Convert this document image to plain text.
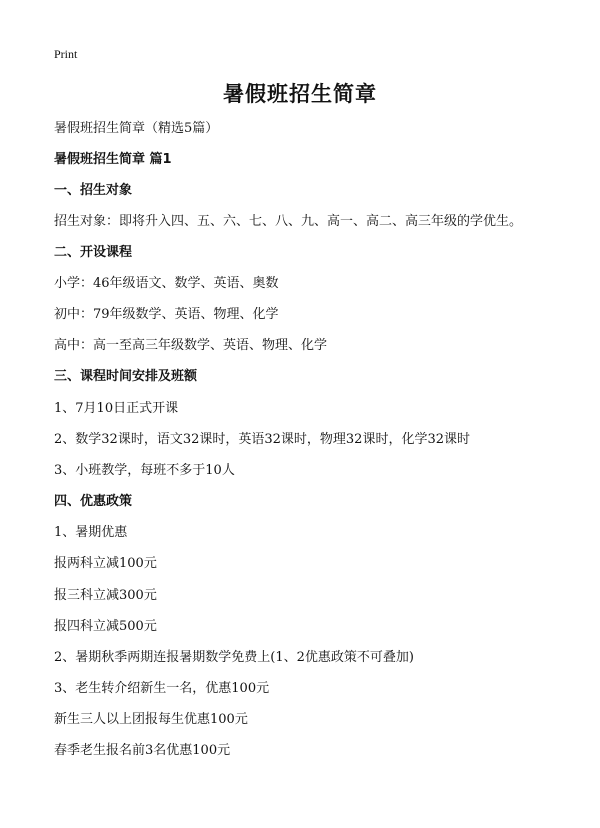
Print
暑假班招生简章
暑假班招生简章（精选5篇）
暑假班招生简章 篇1
一、招生对象
招生对象：即将升入四、五、六、七、八、九、高一、高二、高三年级的学优生。
二、开设课程
小学：46年级语文、数学、英语、奥数
初中：79年级数学、英语、物理、化学
高中：高一至高三年级数学、英语、物理、化学
三、课程时间安排及班额
1、7月10日正式开课
2、数学32课时，语文32课时，英语32课时，物理32课时，化学32课时
3、小班教学，每班不多于10人
四、优惠政策
1、暑期优惠
报两科立减100元
报三科立减300元
报四科立减500元
2、暑期秋季两期连报暑期数学免费上(1、2优惠政策不可叠加)
3、老生转介绍新生一名，优惠100元
新生三人以上团报每生优惠100元
春季老生报名前3名优惠100元
